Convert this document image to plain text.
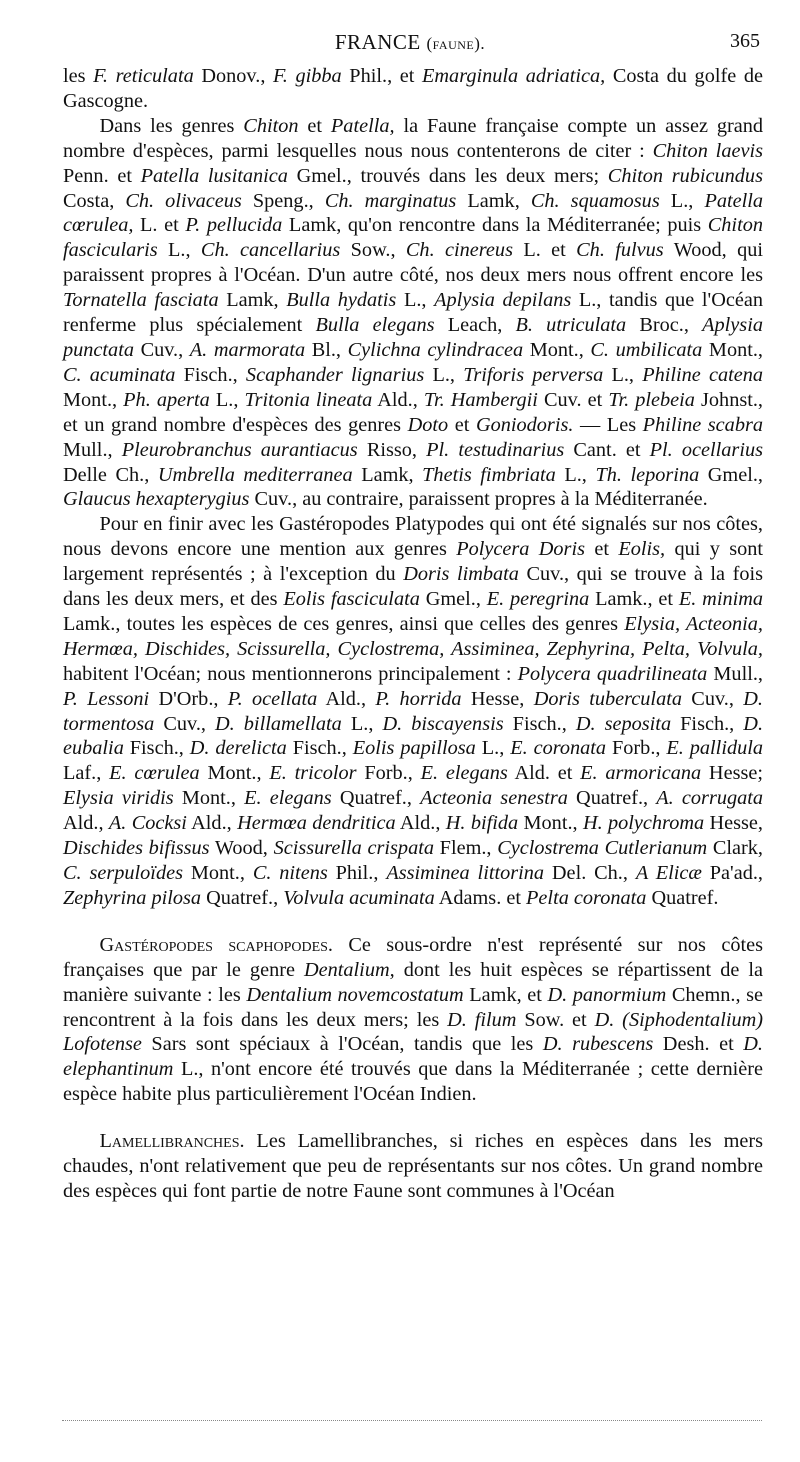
FRANCE (faune).	365

les F. reticulata Donov., F. gibba Phil., et Emarginula adriatica, Costa du golfe de Gascogne.

Dans les genres Chiton et Patella, la Faune française compte un assez grand nombre d'espèces, parmi lesquelles nous nous contenterons de citer : Chiton laevis Penn. et Patella lusitanica Gmel., trouvés dans les deux mers; Chiton rubicundus Costa, Ch. olivaceus Speng., Ch. marginatus Lamk, Ch. squamosus L., Patella cœrulea, L. et P. pellucida Lamk, qu'on rencontre dans la Méditerranée; puis Chiton fascicularis L., Ch. cancellarius Sow., Ch. cinereus L. et Ch. fulvus Wood, qui paraissent propres à l'Océan. D'un autre côté, nos deux mers nous offrent encore les Tornatella fasciata Lamk, Bulla hydatis L., Aplysia depilans L., tandis que l'Océan renferme plus spécialement Bulla elegans Leach, B. utriculata Broc., Aplysia punctata Cuv., A. marmorata Bl., Cylichna cylindracea Mont., C. umbilicata Mont., C. acuminata Fisch., Scaphander lignarius L., Triforis perversa L., Philine catena Mont., Ph. aperta L., Tritonia lineata Ald., Tr. Hambergii Cuv. et Tr. plebeia Johnst., et un grand nombre d'espèces des genres Doto et Goniodoris. — Les Philine scabra Mull., Pleurobranchus aurantiacus Risso, Pl. testudinarius Cant. et Pl. ocellarius Delle Ch., Umbrella mediterranea Lamk, Thetis fimbriata L., Th. leporina Gmel., Glaucus hexapterygius Cuv., au contraire, paraissent propres à la Méditerranée.

Pour en finir avec les Gastéropodes Platypodes qui ont été signalés sur nos côtes, nous devons encore une mention aux genres Polycera Doris et Eolis, qui y sont largement représentés ; à l'exception du Doris limbata Cuv., qui se trouve à la fois dans les deux mers, et des Eolis fasciculata Gmel., E. peregrina Lamk., et E. minima Lamk., toutes les espèces de ces genres, ainsi que celles des genres Elysia, Acteonia, Hermœa, Dischides, Scissurella, Cyclostrema, Assiminea, Zephyrina, Pelta, Volvula, habitent l'Océan; nous mentionnerons principalement : Polycera quadrilineata Mull., P. Lessoni D'Orb., P. ocellata Ald., P. horrida Hesse, Doris tuberculata Cuv., D. tormentosa Cuv., D. billamellata L., D. biscayensis Fisch., D. seposita Fisch., D. eubalia Fisch., D. derelicta Fisch., Eolis papillosa L., E. coronata Forb., E. pallidula Laf., E. cœrulea Mont., E. tricolor Forb., E. elegans Ald. et E. armoricana Hesse; Elysia viridis Mont., E. elegans Quatref., Acteonia senestra Quatref., A. corrugata Ald., A. Cocksi Ald., Hermœa dendritica Ald., H. bifida Mont., H. polychroma Hesse, Dischides bifissus Wood, Scissurella crispata Flem., Cyclostrema Cutlerianum Clark, C. serpuloïdes Mont., C. nitens Phil., Assiminea littorina Del. Ch., A Elicæ Pa'ad., Zephyrina pilosa Quatref., Volvula acuminata Adams. et Pelta coronata Quatref.

Gastéropodes scaphopodes. Ce sous-ordre n'est représenté sur nos côtes françaises que par le genre Dentalium, dont les huit espèces se répartissent de la manière suivante : les Dentalium novemcostatum Lamk, et D. panormium Chemn., se rencontrent à la fois dans les deux mers; les D. filum Sow. et D. (Siphodentalium) Lofotense Sars sont spéciaux à l'Océan, tandis que les D. rubescens Desh. et D. elephantinum L., n'ont encore été trouvés que dans la Méditerranée ; cette dernière espèce habite plus particulièrement l'Océan Indien.

Lamellibranches. Les Lamellibranches, si riches en espèces dans les mers chaudes, n'ont relativement que peu de représentants sur nos côtes. Un grand nombre des espèces qui font partie de notre Faune sont communes à l'Océan
